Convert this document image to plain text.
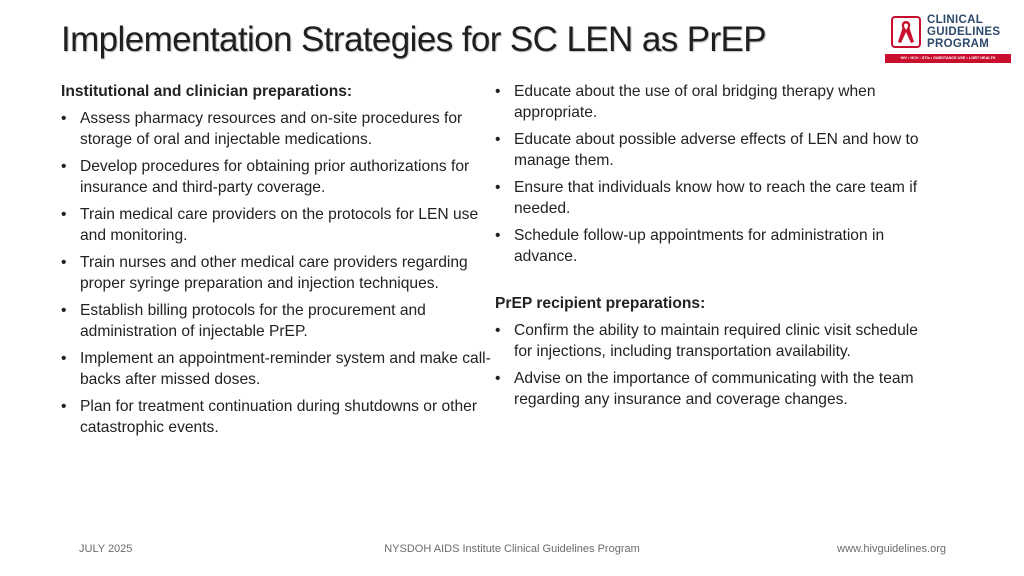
Implementation Strategies for SC LEN as PrEP	CLINICAL
GUIDELINES
PROGRAM
HIV • HCV • STIs • SUBSTANCE USE • LGBT HEALTH
Institutional and clinician preparations:
• Assess pharmacy resources and on-site procedures for storage of oral and injectable medications.
• Develop procedures for obtaining prior authorizations for insurance and third-party coverage.
• Train medical care providers on the protocols for LEN use and monitoring.
• Train nurses and other medical care providers regarding proper syringe preparation and injection techniques.
• Establish billing protocols for the procurement and administration of injectable PrEP.
• Implement an appointment-reminder system and make call-backs after missed doses.
• Plan for treatment continuation during shutdowns or other catastrophic events.
• Educate about the use of oral bridging therapy when appropriate.
• Educate about possible adverse effects of LEN and how to manage them.
• Ensure that individuals know how to reach the care team if needed.
• Schedule follow-up appointments for administration in advance.
PrEP recipient preparations:
• Confirm the ability to maintain required clinic visit schedule for injections, including transportation availability.
• Advise on the importance of communicating with the team regarding any insurance and coverage changes.
JULY 2025	NYSDOH AIDS Institute Clinical Guidelines Program	www.hivguidelines.org
